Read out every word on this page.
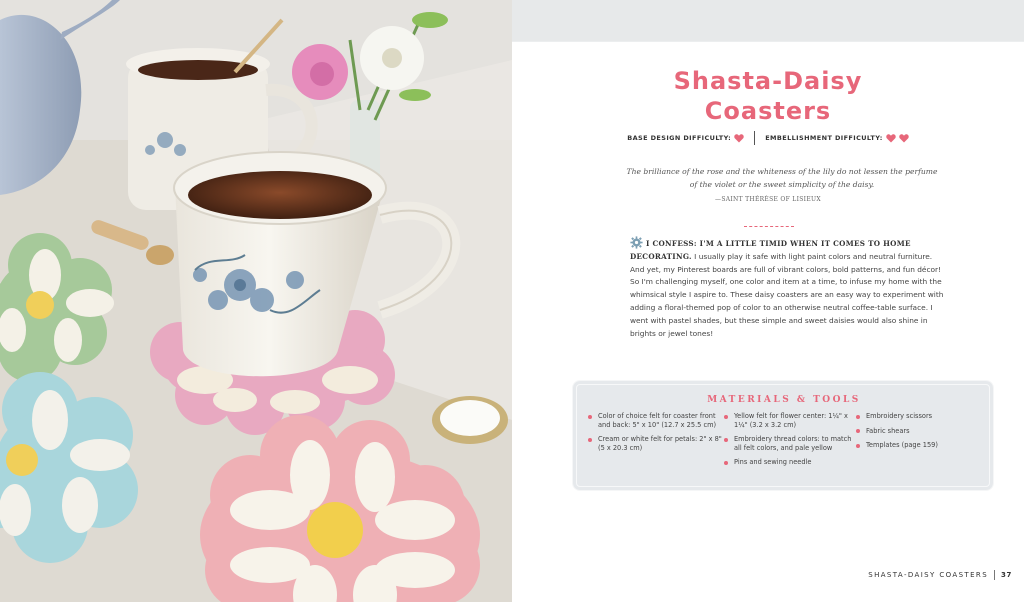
Shasta-Daisy
Coasters
BASE DESIGN DIFFICULTY:	EMBELLISHMENT DIFFICULTY:

The brilliance of the rose and the whiteness of the lily do not lessen the perfume of the violet or the sweet simplicity of the daisy.

—SAINT THÉRÈSE OF LISIEUX

I CONFESS: I'M A LITTLE TIMID WHEN IT COMES TO HOME DECORATING. I usually play it safe with light paint colors and neutral furniture. And yet, my Pinterest boards are full of vibrant colors, bold patterns, and fun décor! So I'm challenging myself, one color and item at a time, to infuse my home with the whimsical style I aspire to. These daisy coasters are an easy way to experiment with adding a floral-themed pop of color to an otherwise neutral coffee-table surface. I went with pastel shades, but these simple and sweet daisies would also shine in brights or jewel tones!

MATERIALS & TOOLS
Color of choice felt for coaster front and back: 5" x 10" (12.7 x 25.5 cm)
Cream or white felt for petals: 2" x 8" (5 x 20.3 cm)
Yellow felt for flower center: 1¼" x 1¼" (3.2 x 3.2 cm)
Embroidery thread colors: to match all felt colors, and pale yellow
Pins and sewing needle
Embroidery scissors
Fabric shears
Templates (page 159)
SHASTA-DAISY COASTERS 37
